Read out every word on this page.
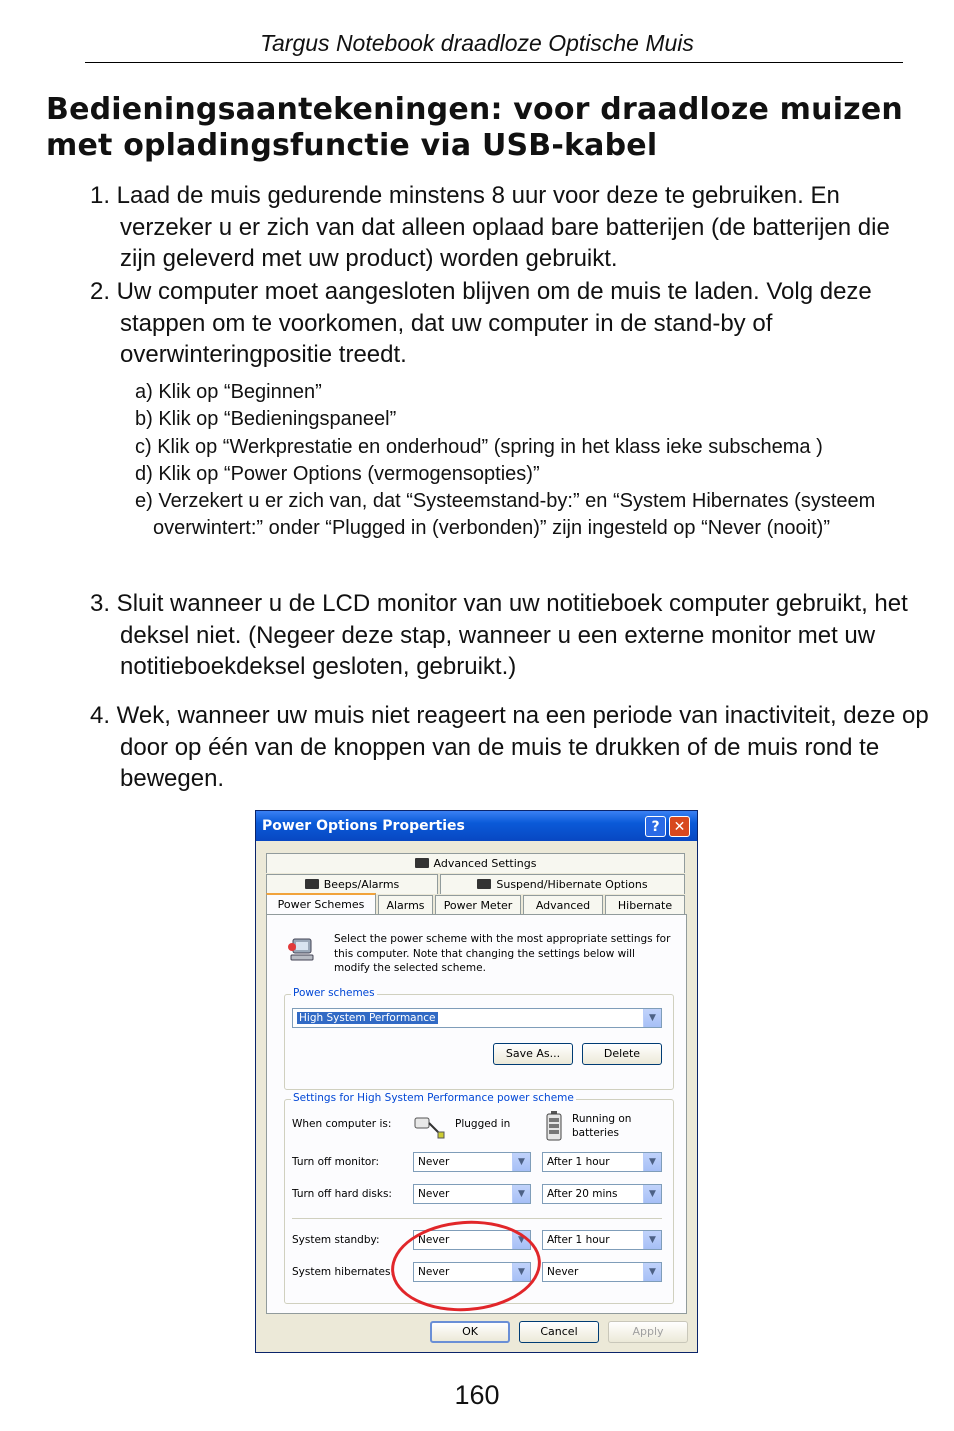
Targus Notebook draadloze Optische Muis
Bedieningsaantekeningen: voor draadloze muizen met opladingsfunctie via USB-kabel

1. Laad de muis gedurende minstens 8 uur voor deze te gebruiken. En verzeker u er zich van dat alleen oplaad bare batterijen (de batterijen die zijn geleverd met uw product) worden gebruikt.

2. Uw computer moet aangesloten blijven om de muis te laden. Volg deze stappen om te voorkomen, dat uw computer in de stand-by of overwinteringpositie treedt.

a) Klik op “Beginnen”
b) Klik op “Bedieningspaneel”
c) Klik op “Werkprestatie en onderhoud” (spring in het klass ieke subschema )
d) Klik op “Power Options (vermogensopties)”
e) Verzekert u er zich van, dat “Systeemstand-by:” en “System Hibernates (systeem overwintert:” onder “Plugged in (verbonden)” zijn ingesteld op “Never (nooit)”

3. Sluit wanneer u de LCD monitor van uw notitieboek computer gebruikt, het deksel niet. (Negeer deze stap, wanneer u een externe monitor met uw notitieboekdeksel gesloten, gebruikt.)

4. Wek, wanneer uw muis niet reageert na een periode van inactiviteit, deze op door op één van de knoppen van de muis te drukken of de muis rond te bewegen.

Power Options Properties	?	✕
Advanced Settings
Beeps/Alarms	Suspend/Hibernate Options
Power Schemes	Alarms	Power Meter	Advanced	Hibernate
Select the power scheme with the most appropriate settings for this computer. Note that changing the settings below will modify the selected scheme.
Power schemes
High System Performance	▼
Save As...	Delete
Settings for High System Performance power scheme
When computer is:	Plugged in	Running on
batteries
Turn off monitor:	Never	▼	After 1 hour	▼
Turn off hard disks:	Never	▼	After 20 mins	▼
System standby:	Never	▼	After 1 hour	▼
System hibernates:	Never	▼	Never	▼
OK	Cancel	Apply
160
